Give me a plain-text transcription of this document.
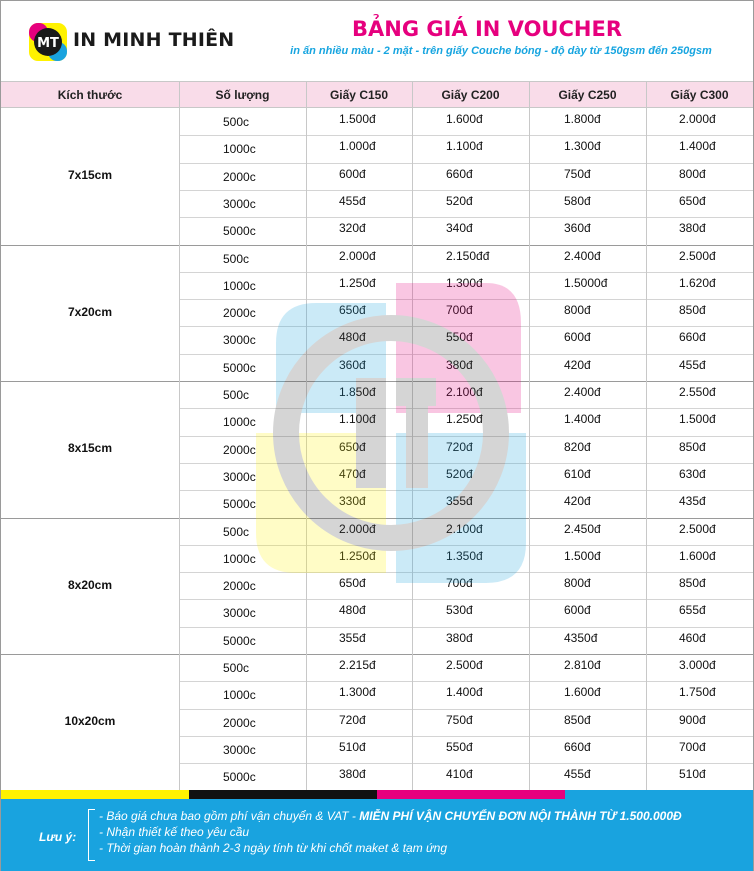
MT IN MINH THIÊN	BẢNG GIÁ IN VOUCHER
in ấn nhiều màu - 2 mặt - trên giấy Couche bóng - độ dày từ 150gsm đến 250gsm
Kích thước	Số lượng	Giấy C150	Giấy C200	Giấy C250	Giấy C300
7x15cm
500c	1.500đ	1.600đ	1.800đ	2.000đ
1000c	1.000đ	1.100đ	1.300đ	1.400đ
2000c	600đ	660đ	750đ	800đ
3000c	455đ	520đ	580đ	650đ
5000c	320đ	340đ	360đ	380đ
7x20cm
500c	2.000đ	2.150đđ	2.400đ	2.500đ
1000c	1.250đ	1.300đ	1.5000đ	1.620đ
2000c	650đ	700đ	800đ	850đ
3000c	480đ	550đ	600đ	660đ
5000c	360đ	380đ	420đ	455đ
8x15cm
500c	1.850đ	2.100đ	2.400đ	2.550đ
1000c	1.100đ	1.250đ	1.400đ	1.500đ
2000c	650đ	720đ	820đ	850đ
3000c	470đ	520đ	610đ	630đ
5000c	330đ	355đ	420đ	435đ
8x20cm
500c	2.000đ	2.100đ	2.450đ	2.500đ
1000c	1.250đ	1.350đ	1.500đ	1.600đ
2000c	650đ	700đ	800đ	850đ
3000c	480đ	530đ	600đ	655đ
5000c	355đ	380đ	4350đ	460đ
10x20cm
500c	2.215đ	2.500đ	2.810đ	3.000đ
1000c	1.300đ	1.400đ	1.600đ	1.750đ
2000c	720đ	750đ	850đ	900đ
3000c	510đ	550đ	660đ	700đ
5000c	380đ	410đ	455đ	510đ
Lưu ý:
- Báo giá chưa bao gồm phí vận chuyển & VAT - MIỄN PHÍ VẬN CHUYỂN ĐƠN NỘI THÀNH TỪ 1.500.000Đ
- Nhận thiết kế theo yêu cầu
- Thời gian hoàn thành 2-3 ngày tính từ khi chốt maket & tạm ứng
